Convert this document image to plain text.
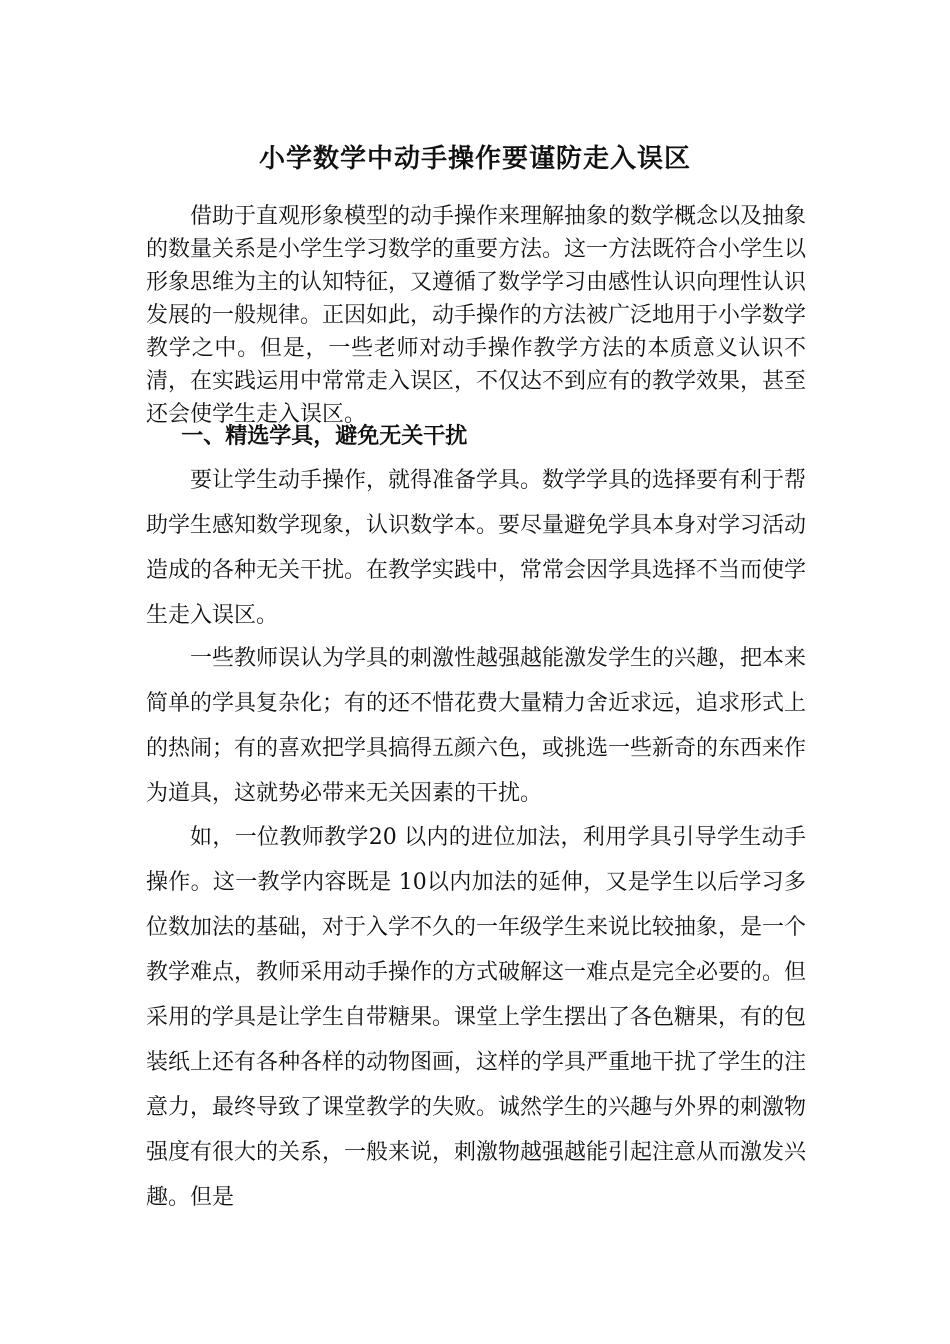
小学数学中动手操作要谨防走入误区
借助于直观形象模型的动手操作来理解抽象的数学概念以及抽象的数量关系是小学生学习数学的重要方法。这一方法既符合小学生以形象思维为主的认知特征，又遵循了数学学习由感性认识向理性认识发展的一般规律。正因如此，动手操作的方法被广泛地用于小学数学教学之中。但是，一些老师对动手操作教学方法的本质意义认识不清，在实践运用中常常走入误区，不仅达不到应有的教学效果，甚至还会使学生走入误区。
一、精选学具，避免无关干扰
要让学生动手操作，就得准备学具。数学学具的选择要有利于帮助学生感知数学现象，认识数学本。要尽量避免学具本身对学习活动造成的各种无关干扰。在教学实践中，常常会因学具选择不当而使学生走入误区。
一些教师误认为学具的刺激性越强越能激发学生的兴趣，把本来简单的学具复杂化；有的还不惜花费大量精力舍近求远，追求形式上的热闹；有的喜欢把学具搞得五颜六色，或挑选一些新奇的东西来作为道具，这就势必带来无关因素的干扰。
如，一位教师教学20 以内的进位加法，利用学具引导学生动手操作。这一教学内容既是 10以内加法的延伸，又是学生以后学习多位数加法的基础，对于入学不久的一年级学生来说比较抽象，是一个教学难点，教师采用动手操作的方式破解这一难点是完全必要的。但采用的学具是让学生自带糖果。课堂上学生摆出了各色糖果，有的包装纸上还有各种各样的动物图画，这样的学具严重地干扰了学生的注意力，最终导致了课堂教学的失败。诚然学生的兴趣与外界的刺激物强度有很大的关系，一般来说，刺激物越强越能引起注意从而激发兴趣。但是
